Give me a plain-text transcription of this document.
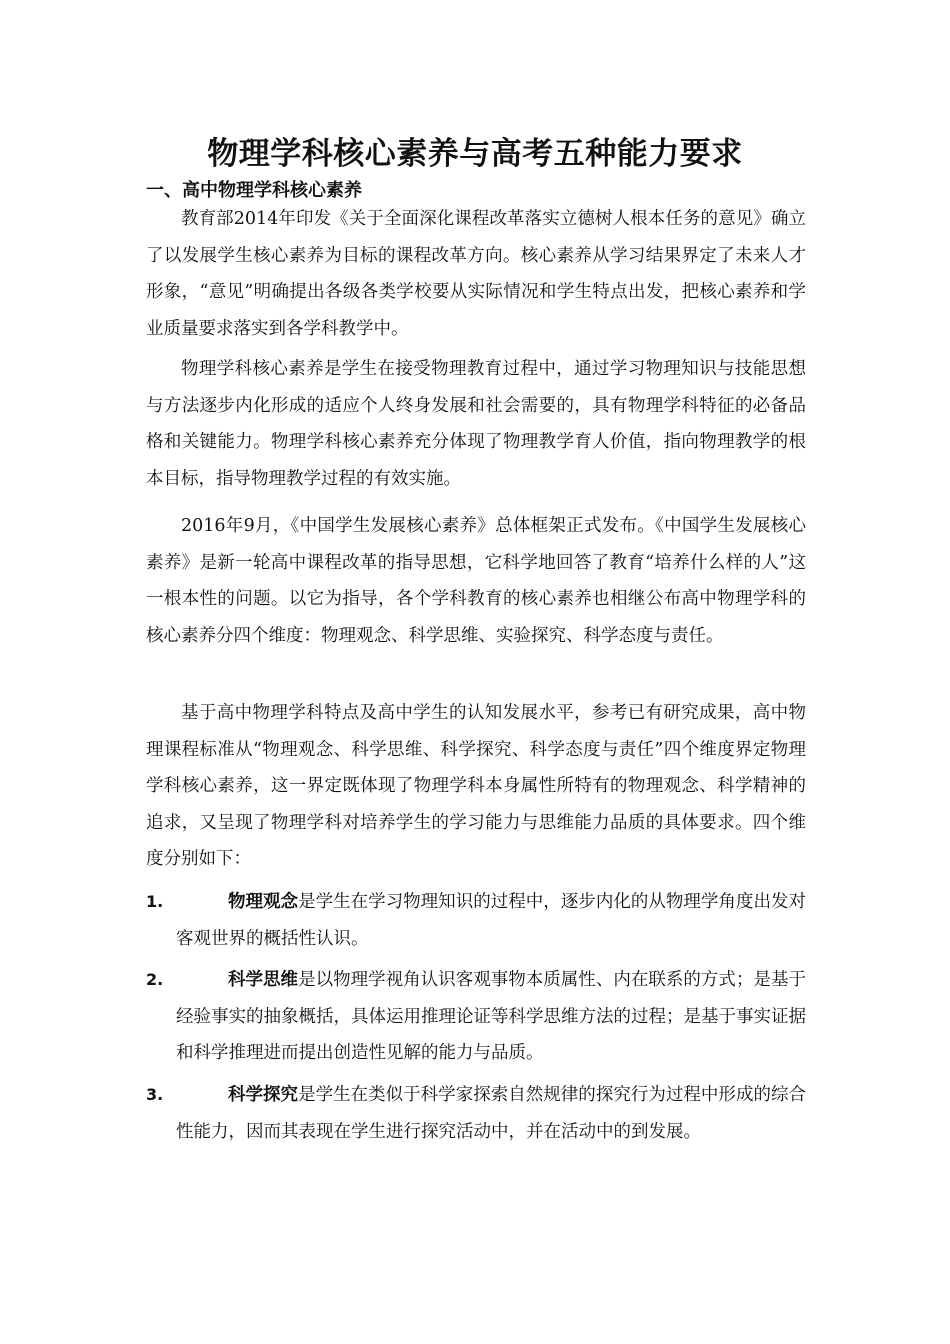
物理学科核心素养与高考五种能力要求
一、高中物理学科核心素养

教育部2014年印发《关于全面深化课程改革落实立德树人根本任务的意见》确立了以发展学生核心素养为目标的课程改革方向。核心素养从学习结果界定了未来人才形象，“意见”明确提出各级各类学校要从实际情况和学生特点出发，把核心素养和学业质量要求落实到各学科教学中。

物理学科核心素养是学生在接受物理教育过程中，通过学习物理知识与技能思想与方法逐步内化形成的适应个人终身发展和社会需要的，具有物理学科特征的必备品格和关键能力。物理学科核心素养充分体现了物理教学育人价值，指向物理教学的根本目标，指导物理教学过程的有效实施。

2016年9月，《中国学生发展核心素养》总体框架正式发布。《中国学生发展核心素养》是新一轮高中课程改革的指导思想，它科学地回答了教育“培养什么样的人”这一根本性的问题。以它为指导，各个学科教育的核心素养也相继公布高中物理学科的核心素养分四个维度：物理观念、科学思维、实验探究、科学态度与责任。

基于高中物理学科特点及高中学生的认知发展水平，参考已有研究成果，高中物理课程标准从“物理观念、科学思维、科学探究、科学态度与责任”四个维度界定物理学科核心素养，这一界定既体现了物理学科本身属性所特有的物理观念、科学精神的追求，又呈现了物理学科对培养学生的学习能力与思维能力品质的具体要求。四个维度分别如下：

1.	物理观念是学生在学习物理知识的过程中，逐步内化的从物理学角度出发对客观世界的概括性认识。
2.	科学思维是以物理学视角认识客观事物本质属性、内在联系的方式；是基于经验事实的抽象概括，具体运用推理论证等科学思维方法的过程；是基于事实证据和科学推理进而提出创造性见解的能力与品质。
3.	科学探究是学生在类似于科学家探索自然规律的探究行为过程中形成的综合性能力，因而其表现在学生进行探究活动中，并在活动中的到发展。
